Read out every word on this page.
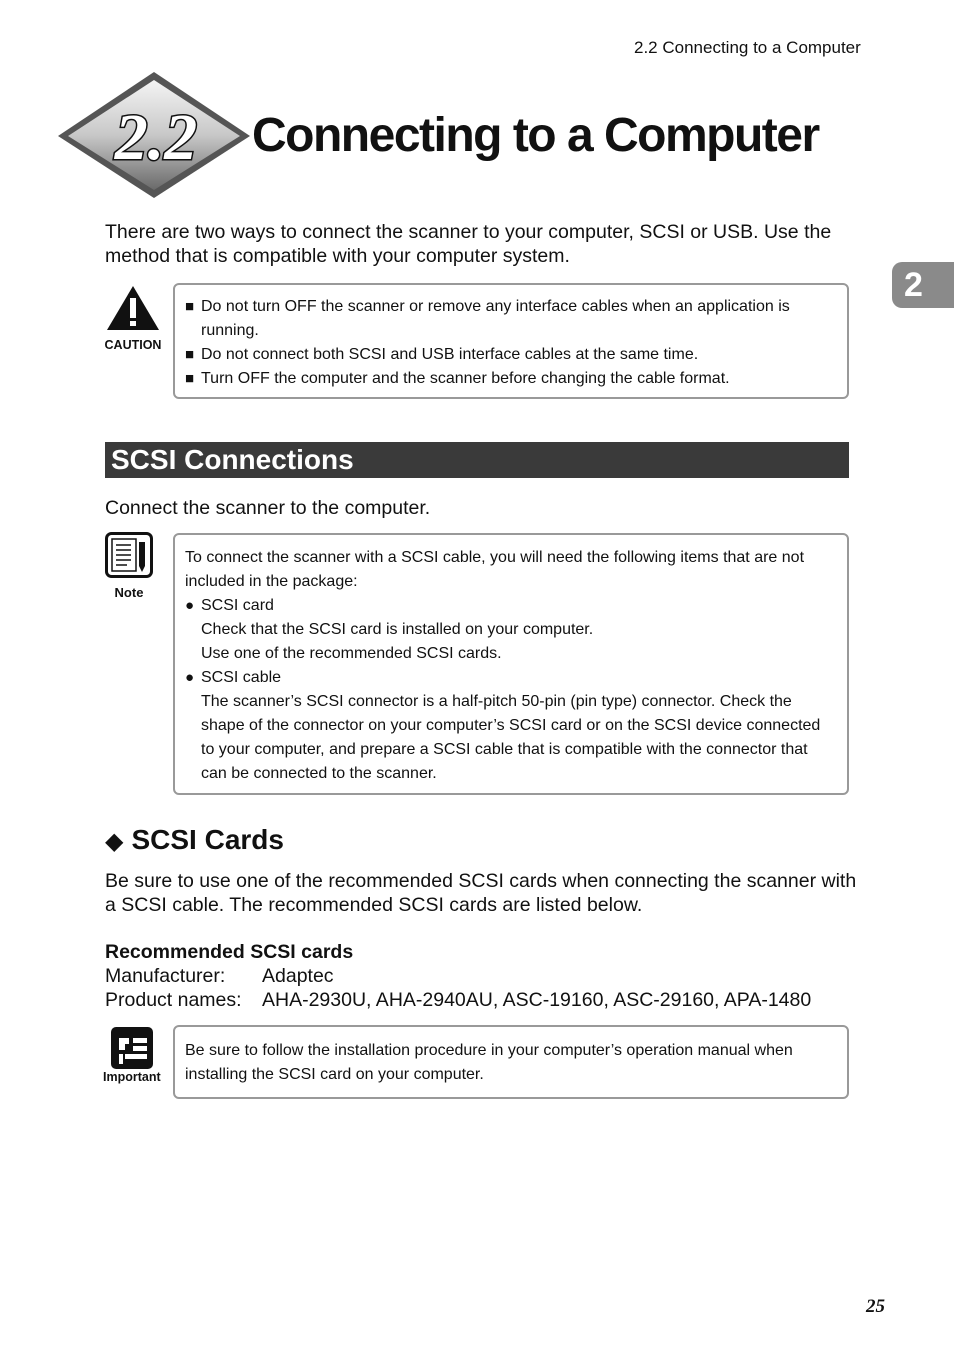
2.2 Connecting to a Computer
2
2.2 Connecting to a Computer
There are two ways to connect the scanner to your computer, SCSI or USB. Use the method that is compatible with your computer system.
CAUTION
■ Do not turn OFF the scanner or remove any interface cables when an application is running.
■ Do not connect both SCSI and USB interface cables at the same time.
■ Turn OFF the computer and the scanner before changing the cable format.
SCSI Connections
Connect the scanner to the computer.
Note
To connect the scanner with a SCSI cable, you will need the following items that are not included in the package:
● SCSI card
Check that the SCSI card is installed on your computer.
Use one of the recommended SCSI cards.
● SCSI cable
The scanner’s SCSI connector is a half-pitch 50-pin (pin type) connector. Check the shape of the connector on your computer’s SCSI card or on the SCSI device connected to your computer, and prepare a SCSI cable that is compatible with the connector that can be connected to the scanner.
◆ SCSI Cards
Be sure to use one of the recommended SCSI cards when connecting the scanner with a SCSI cable. The recommended SCSI cards are listed below.
Recommended SCSI cards
Manufacturer:	Adaptec
Product names:	AHA-2930U, AHA-2940AU, ASC-19160, ASC-29160, APA-1480
Important
Be sure to follow the installation procedure in your computer’s operation manual when installing the SCSI card on your computer.
25
